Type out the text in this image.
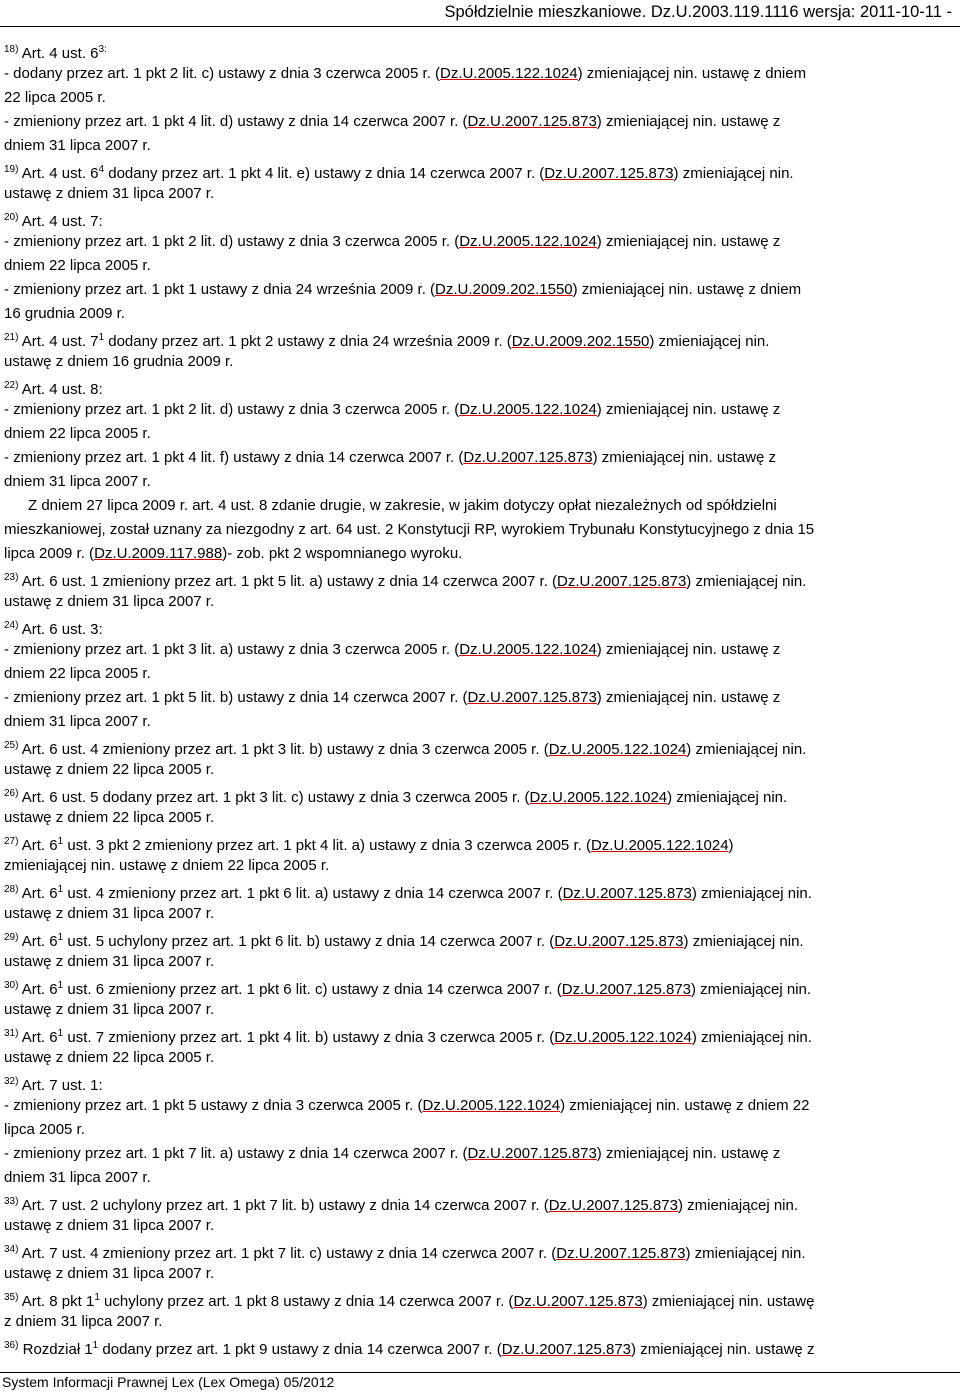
Spółdzielnie mieszkaniowe. Dz.U.2003.119.1116 wersja: 2011-10-11 -
$^{18)}$ Art. 4 ust. $6^{3:}$
- dodany przez art. 1 pkt 2 lit. c) ustawy z dnia 3 czerwca 2005 r. (Dz.U.2005.122.1024) zmieniającej nin. ustawę z dniem
22 lipca 2005 r.
- zmieniony przez art. 1 pkt 4 lit. d) ustawy z dnia 14 czerwca 2007 r. (Dz.U.2007.125.873) zmieniającej nin. ustawę z
dniem 31 lipca 2007 r.
$^{19)}$ Art. 4 ust. $6^4$ dodany przez art. 1 pkt 4 lit. e) ustawy z dnia 14 czerwca 2007 r. (Dz.U.2007.125.873) zmieniającej nin.
ustawę z dniem 31 lipca 2007 r.
$^{20)}$ Art. 4 ust. 7:
- zmieniony przez art. 1 pkt 2 lit. d) ustawy z dnia 3 czerwca 2005 r. (Dz.U.2005.122.1024) zmieniającej nin. ustawę z
dniem 22 lipca 2005 r.
- zmieniony przez art. 1 pkt 1 ustawy z dnia 24 września 2009 r. (Dz.U.2009.202.1550) zmieniającej nin. ustawę z dniem
16 grudnia 2009 r.
$^{21)}$ Art. 4 ust. $7^1$ dodany przez art. 1 pkt 2 ustawy z dnia 24 września 2009 r. (Dz.U.2009.202.1550) zmieniającej nin.
ustawę z dniem 16 grudnia 2009 r.
$^{22)}$ Art. 4 ust. 8:
- zmieniony przez art. 1 pkt 2 lit. d) ustawy z dnia 3 czerwca 2005 r. (Dz.U.2005.122.1024) zmieniającej nin. ustawę z
dniem 22 lipca 2005 r.
- zmieniony przez art. 1 pkt 4 lit. f) ustawy z dnia 14 czerwca 2007 r. (Dz.U.2007.125.873) zmieniającej nin. ustawę z
dniem 31 lipca 2007 r.
Z dniem 27 lipca 2009 r. art. 4 ust. 8 zdanie drugie, w zakresie, w jakim dotyczy opłat niezależnych od spółdzielni
mieszkaniowej, został uznany za niezgodny z art. 64 ust. 2 Konstytucji RP, wyrokiem Trybunału Konstytucyjnego z dnia 15
lipca 2009 r. (Dz.U.2009.117.988)- zob. pkt 2 wspomnianego wyroku.
$^{23)}$ Art. 6 ust. 1 zmieniony przez art. 1 pkt 5 lit. a) ustawy z dnia 14 czerwca 2007 r. (Dz.U.2007.125.873) zmieniającej nin.
ustawę z dniem 31 lipca 2007 r.
$^{24)}$ Art. 6 ust. 3:
- zmieniony przez art. 1 pkt 3 lit. a) ustawy z dnia 3 czerwca 2005 r. (Dz.U.2005.122.1024) zmieniającej nin. ustawę z
dniem 22 lipca 2005 r.
- zmieniony przez art. 1 pkt 5 lit. b) ustawy z dnia 14 czerwca 2007 r. (Dz.U.2007.125.873) zmieniającej nin. ustawę z
dniem 31 lipca 2007 r.
$^{25)}$ Art. 6 ust. 4 zmieniony przez art. 1 pkt 3 lit. b) ustawy z dnia 3 czerwca 2005 r. (Dz.U.2005.122.1024) zmieniającej nin.
ustawę z dniem 22 lipca 2005 r.
$^{26)}$ Art. 6 ust. 5 dodany przez art. 1 pkt 3 lit. c) ustawy z dnia 3 czerwca 2005 r. (Dz.U.2005.122.1024) zmieniającej nin.
ustawę z dniem 22 lipca 2005 r.
$^{27)}$ Art. $6^1$ ust. 3 pkt 2 zmieniony przez art. 1 pkt 4 lit. a) ustawy z dnia 3 czerwca 2005 r. (Dz.U.2005.122.1024)
zmieniającej nin. ustawę z dniem 22 lipca 2005 r.
$^{28)}$ Art. $6^1$ ust. 4 zmieniony przez art. 1 pkt 6 lit. a) ustawy z dnia 14 czerwca 2007 r. (Dz.U.2007.125.873) zmieniającej nin.
ustawę z dniem 31 lipca 2007 r.
$^{29)}$ Art. $6^1$ ust. 5 uchylony przez art. 1 pkt 6 lit. b) ustawy z dnia 14 czerwca 2007 r. (Dz.U.2007.125.873) zmieniającej nin.
ustawę z dniem 31 lipca 2007 r.
$^{30)}$ Art. $6^1$ ust. 6 zmieniony przez art. 1 pkt 6 lit. c) ustawy z dnia 14 czerwca 2007 r. (Dz.U.2007.125.873) zmieniającej nin.
ustawę z dniem 31 lipca 2007 r.
$^{31)}$ Art. $6^1$ ust. 7 zmieniony przez art. 1 pkt 4 lit. b) ustawy z dnia 3 czerwca 2005 r. (Dz.U.2005.122.1024) zmieniającej nin.
ustawę z dniem 22 lipca 2005 r.
$^{32)}$ Art. 7 ust. 1:
- zmieniony przez art. 1 pkt 5 ustawy z dnia 3 czerwca 2005 r. (Dz.U.2005.122.1024) zmieniającej nin. ustawę z dniem 22
lipca 2005 r.
- zmieniony przez art. 1 pkt 7 lit. a) ustawy z dnia 14 czerwca 2007 r. (Dz.U.2007.125.873) zmieniającej nin. ustawę z
dniem 31 lipca 2007 r.
$^{33)}$ Art. 7 ust. 2 uchylony przez art. 1 pkt 7 lit. b) ustawy z dnia 14 czerwca 2007 r. (Dz.U.2007.125.873) zmieniającej nin.
ustawę z dniem 31 lipca 2007 r.
$^{34)}$ Art. 7 ust. 4 zmieniony przez art. 1 pkt 7 lit. c) ustawy z dnia 14 czerwca 2007 r. (Dz.U.2007.125.873) zmieniającej nin.
ustawę z dniem 31 lipca 2007 r.
$^{35)}$ Art. 8 pkt $1^1$ uchylony przez art. 1 pkt 8 ustawy z dnia 14 czerwca 2007 r. (Dz.U.2007.125.873) zmieniającej nin. ustawę
z dniem 31 lipca 2007 r.
$^{36)}$ Rozdział $1^1$ dodany przez art. 1 pkt 9 ustawy z dnia 14 czerwca 2007 r. (Dz.U.2007.125.873) zmieniającej nin. ustawę z
System Informacji Prawnej Lex (Lex Omega) 05/2012
